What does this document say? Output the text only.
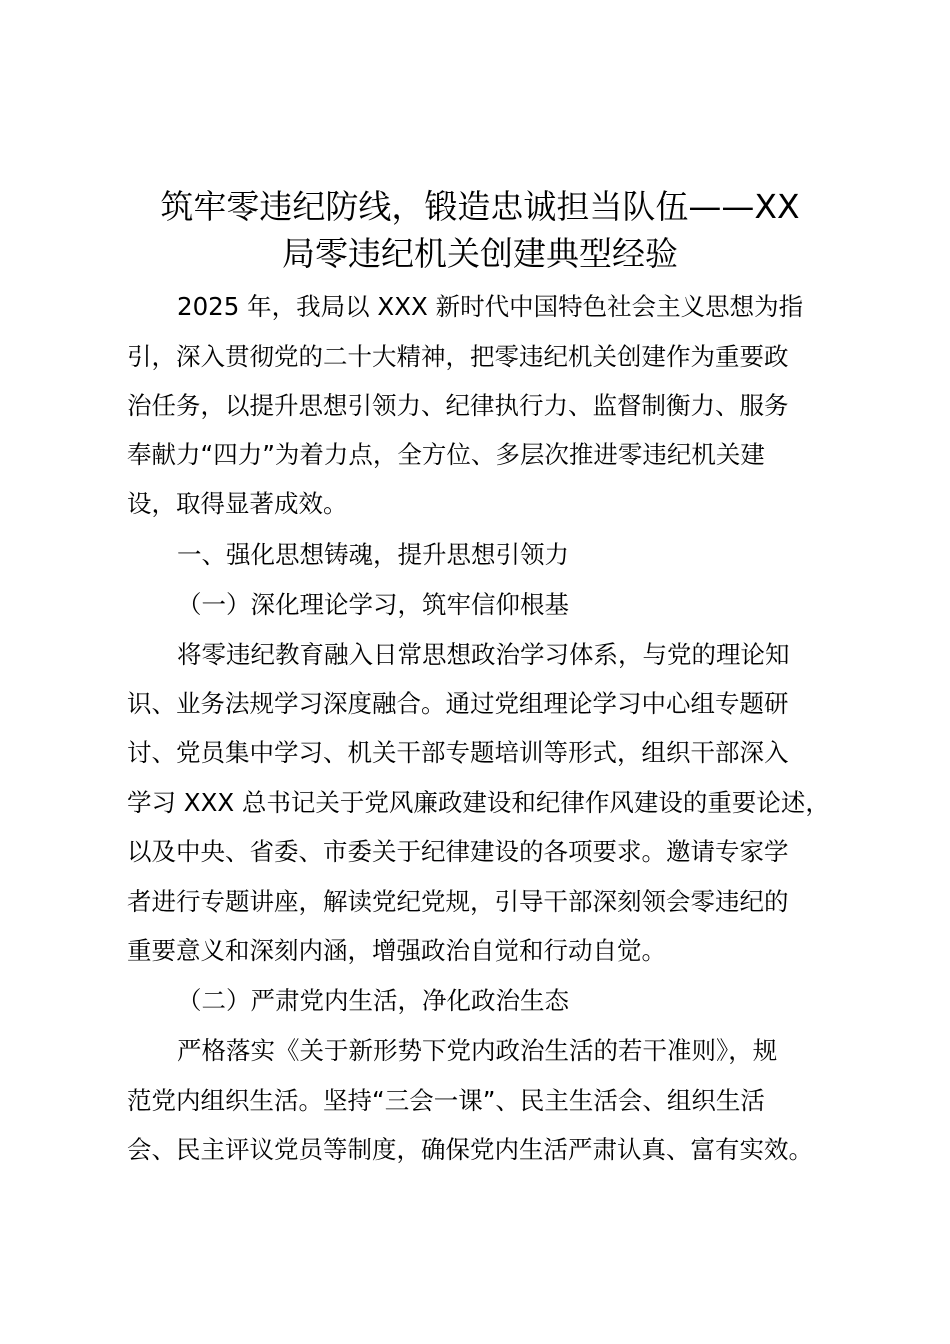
筑牢零违纪防线，锻造忠诚担当队伍——XX
局零违纪机关创建典型经验

2025 年，我局以 XXX 新时代中国特色社会主义思想为指

引，深入贯彻党的二十大精神，把零违纪机关创建作为重要政

治任务，以提升思想引领力、纪律执行力、监督制衡力、服务

奉献力“四力”为着力点，全方位、多层次推进零违纪机关建

设，取得显著成效。

一、强化思想铸魂，提升思想引领力

（一）深化理论学习，筑牢信仰根基

将零违纪教育融入日常思想政治学习体系，与党的理论知

识、业务法规学习深度融合。通过党组理论学习中心组专题研

讨、党员集中学习、机关干部专题培训等形式，组织干部深入

学习 XXX 总书记关于党风廉政建设和纪律作风建设的重要论述，

以及中央、省委、市委关于纪律建设的各项要求。邀请专家学

者进行专题讲座，解读党纪党规，引导干部深刻领会零违纪的

重要意义和深刻内涵，增强政治自觉和行动自觉。

（二）严肃党内生活，净化政治生态

严格落实《关于新形势下党内政治生活的若干准则》，规

范党内组织生活。坚持“三会一课”、民主生活会、组织生活

会、民主评议党员等制度，确保党内生活严肃认真、富有实效。
